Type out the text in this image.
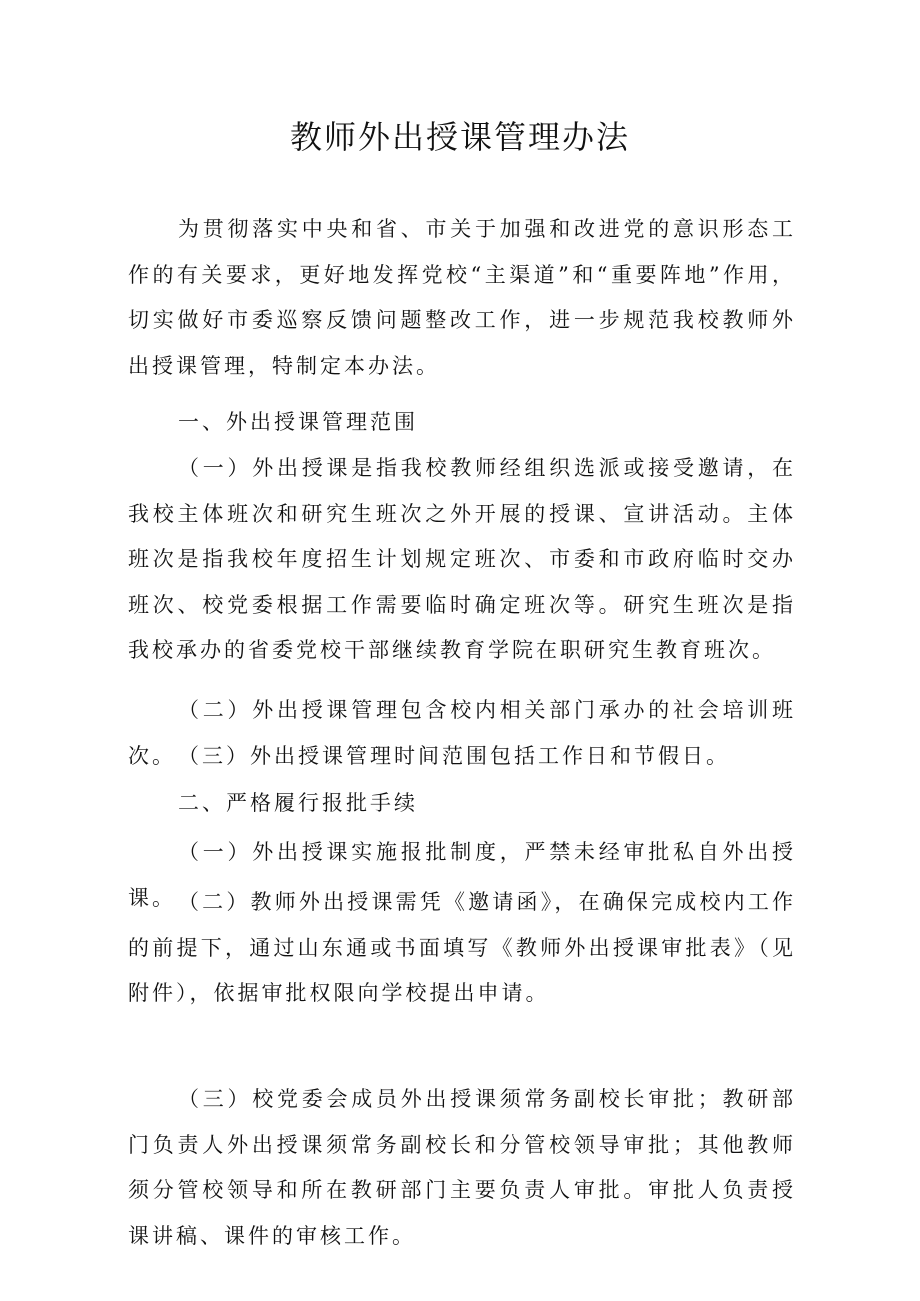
教师外出授课管理办法

为贯彻落实中央和省、市关于加强和改进党的意识形态工作的有关要求，更好地发挥党校“主渠道”和“重要阵地”作用，切实做好市委巡察反馈问题整改工作，进一步规范我校教师外出授课管理，特制定本办法。

一、外出授课管理范围

（一）外出授课是指我校教师经组织选派或接受邀请，在我校主体班次和研究生班次之外开展的授课、宣讲活动。主体班次是指我校年度招生计划规定班次、市委和市政府临时交办班次、校党委根据工作需要临时确定班次等。研究生班次是指我校承办的省委党校干部继续教育学院在职研究生教育班次。

（二）外出授课管理包含校内相关部门承办的社会培训班次。 （三）外出授课管理时间范围包括工作日和节假日。

二、严格履行报批手续

（一）外出授课实施报批制度，严禁未经审批私自外出授课。 （二）教师外出授课需凭《邀请函》，在确保完成校内工作的前提下，通过山东通或书面填写《教师外出授课审批表》（见附件），依据审批权限向学校提出申请。

（三）校党委会成员外出授课须常务副校长审批；教研部门负责人外出授课须常务副校长和分管校领导审批；其他教师须分管校领导和所在教研部门主要负责人审批。审批人负责授课讲稿、课件的审核工作。
